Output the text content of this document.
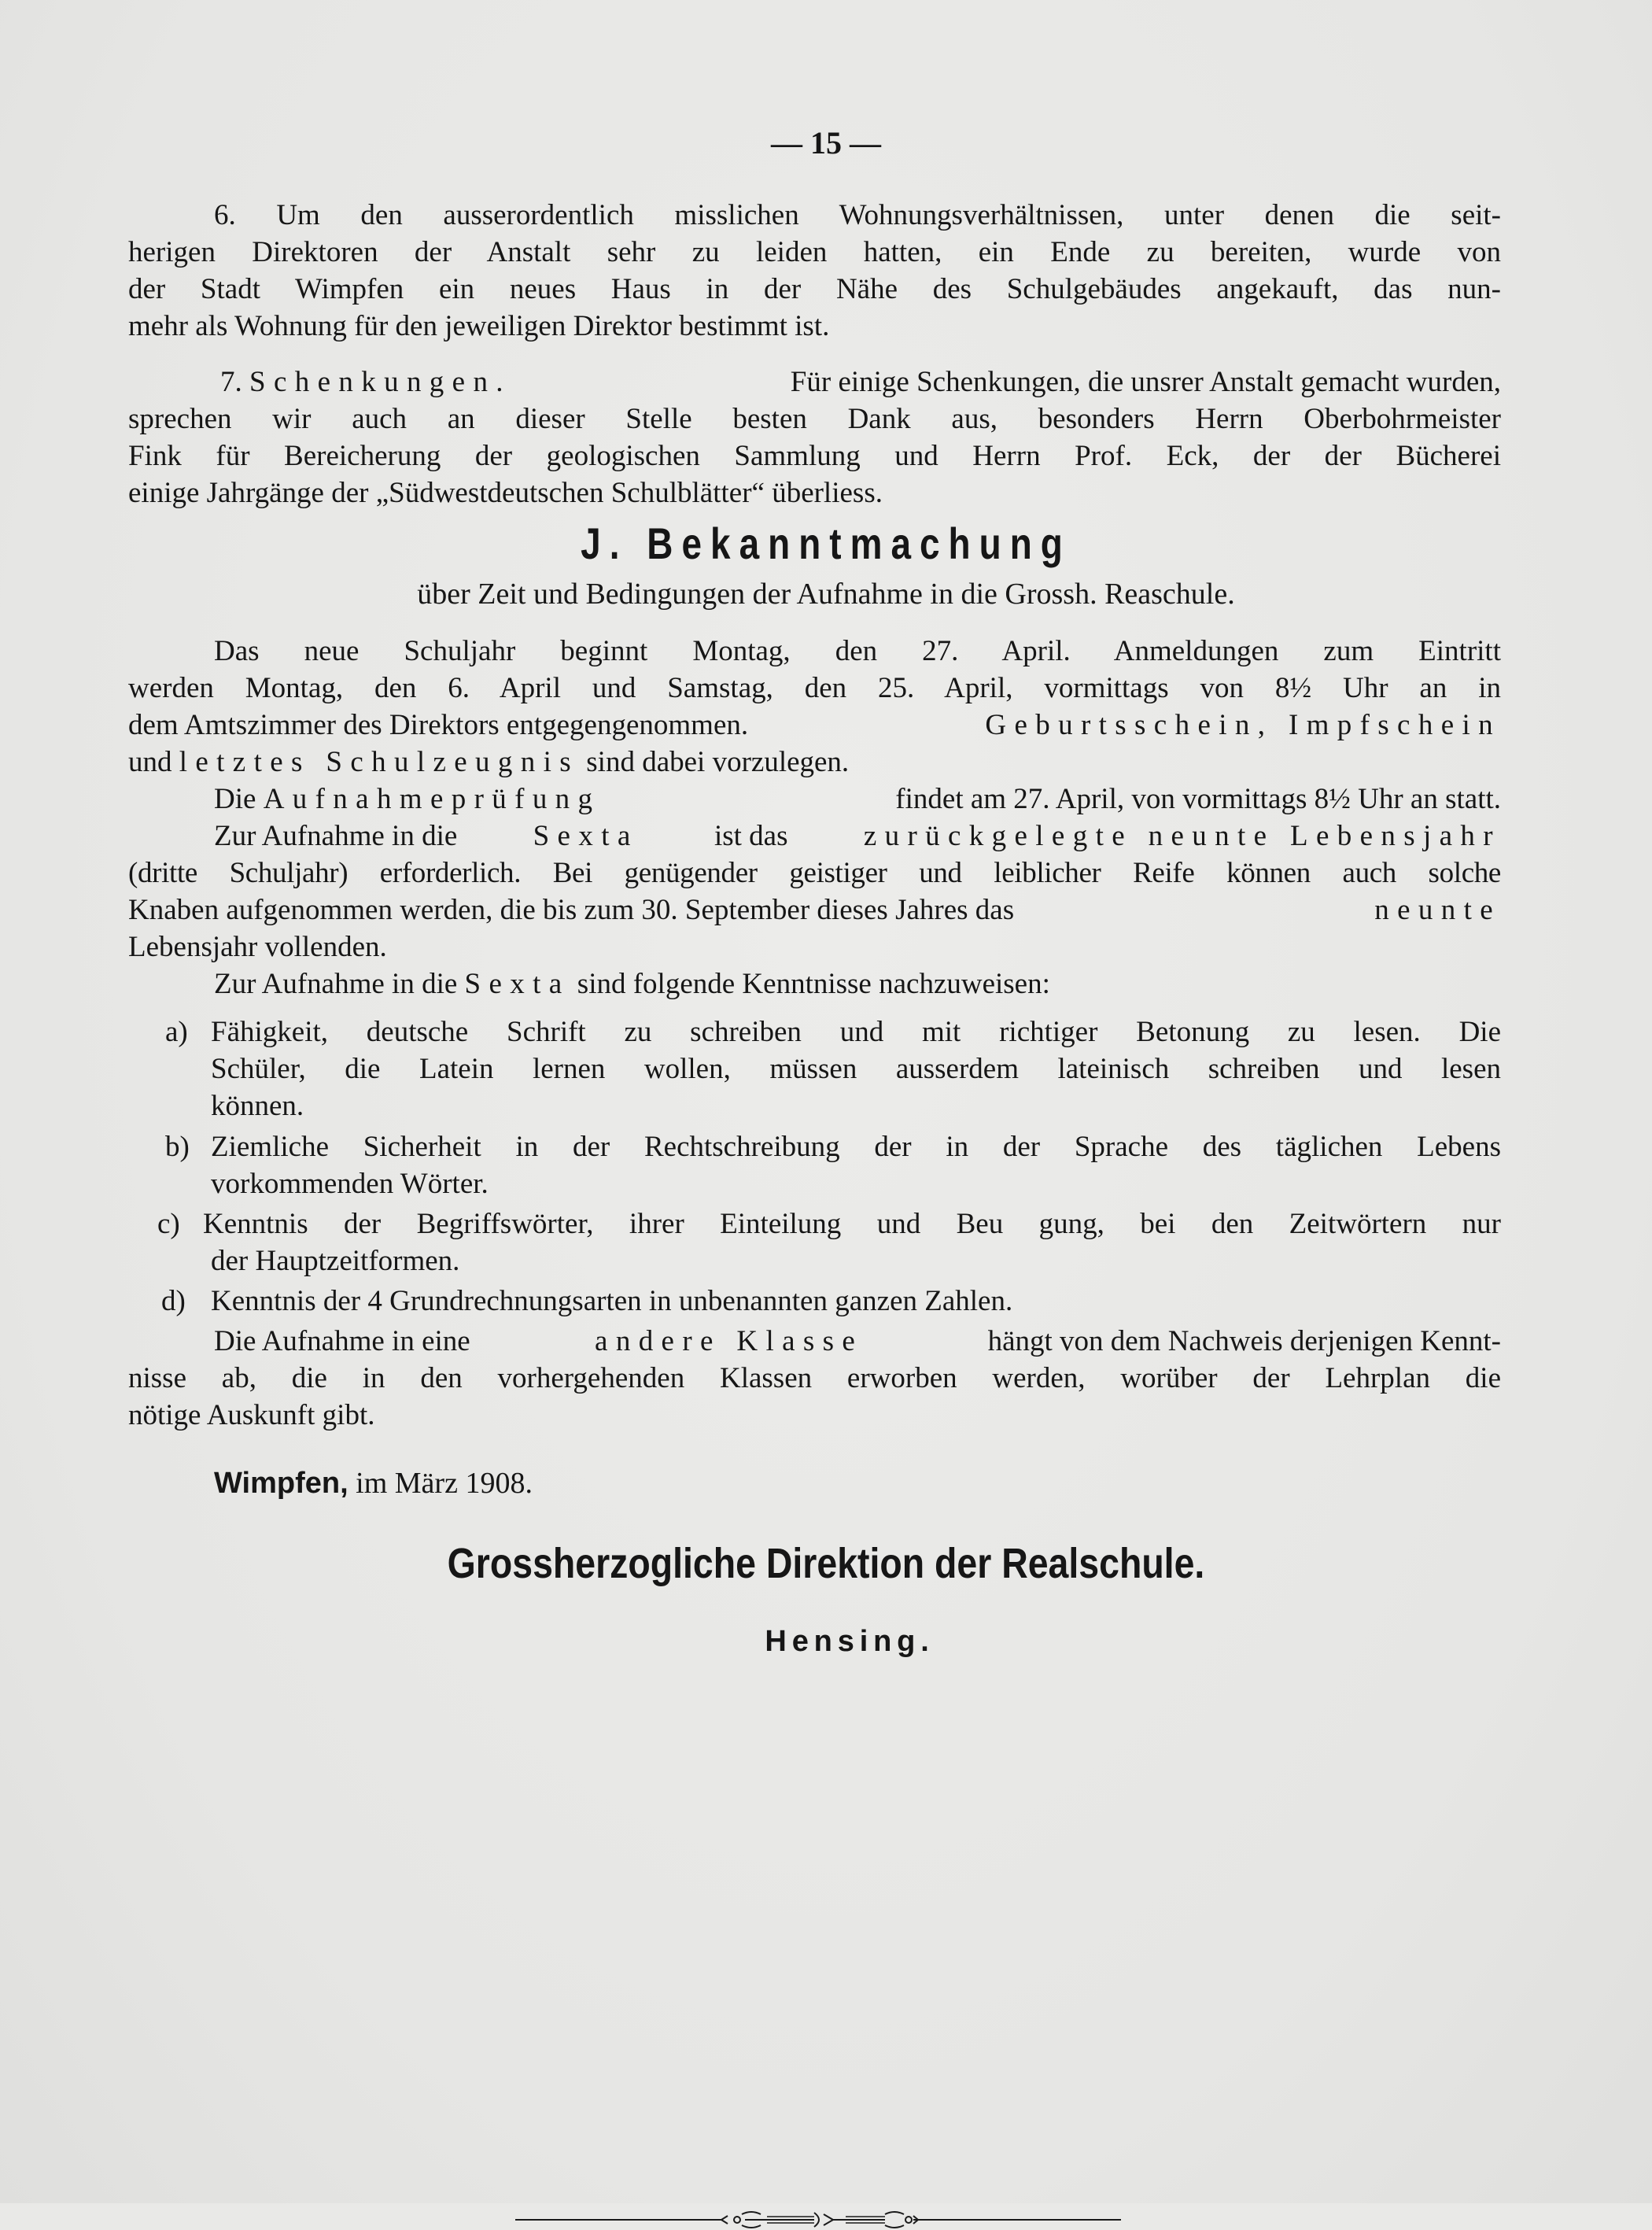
— 15 —
6. Um den ausserordentlich misslichen Wohnungsverhältnissen, unter denen die seit-
herigen Direktoren der Anstalt sehr zu leiden hatten, ein Ende zu bereiten, wurde von
der Stadt Wimpfen ein neues Haus in der Nähe des Schulgebäudes angekauft, das nun-
mehr als Wohnung für den jeweiligen Direktor bestimmt ist.
7. Schenkungen.	Für einige Schenkungen, die unsrer Anstalt gemacht wurden,
sprechen wir auch an dieser Stelle besten Dank aus, besonders Herrn Oberbohrmeister
Fink für Bereicherung der geologischen Sammlung und Herrn Prof. Eck, der der Bücherei
einige Jahrgänge der „Südwestdeutschen Schulblätter“ überliess.
J. Bekanntmachung
über Zeit und Bedingungen der Aufnahme in die Grossh. Reaschule.
Das neue Schuljahr beginnt Montag, den 27. April. Anmeldungen zum Eintritt
werden Montag, den 6. April und Samstag, den 25. April, vormittags von 8½ Uhr an in
dem Amtszimmer des Direktors entgegengenommen.	Geburtsschein, Impfschein
und letztes Schulzeugnis sind dabei vorzulegen.
Die Aufnahmeprüfung	findet am 27. April, von vormittags 8½ Uhr an statt.
Zur Aufnahme in die	Sexta	ist das	zurückgelegte neunte Lebensjahr
(dritte Schuljahr) erforderlich. Bei genügender geistiger und leiblicher Reife können auch solche
Knaben aufgenommen werden, die bis zum 30. September dieses Jahres das	neunte
Lebensjahr vollenden.
Zur Aufnahme in die Sexta sind folgende Kenntnisse nachzuweisen:
a) Fähigkeit, deutsche Schrift zu schreiben und mit richtiger Betonung zu lesen. Die
Schüler, die Latein lernen wollen, müssen ausserdem lateinisch schreiben und lesen
können.
b) Ziemliche Sicherheit in der Rechtschreibung der in der Sprache des täglichen Lebens
vorkommenden Wörter.
c) Kenntnis der Begriffswörter, ihrer Einteilung und Beu gung, bei den Zeitwörtern nur
der Hauptzeitformen.
d) Kenntnis der 4 Grundrechnungsarten in unbenannten ganzen Zahlen.
Die Aufnahme in eine	andere Klasse	hängt von dem Nachweis derjenigen Kennt-
nisse ab, die in den vorhergehenden Klassen erworben werden, worüber der Lehrplan die
nötige Auskunft gibt.
Wimpfen, im März 1908.
Grossherzogliche Direktion der Realschule.
Hensing.
